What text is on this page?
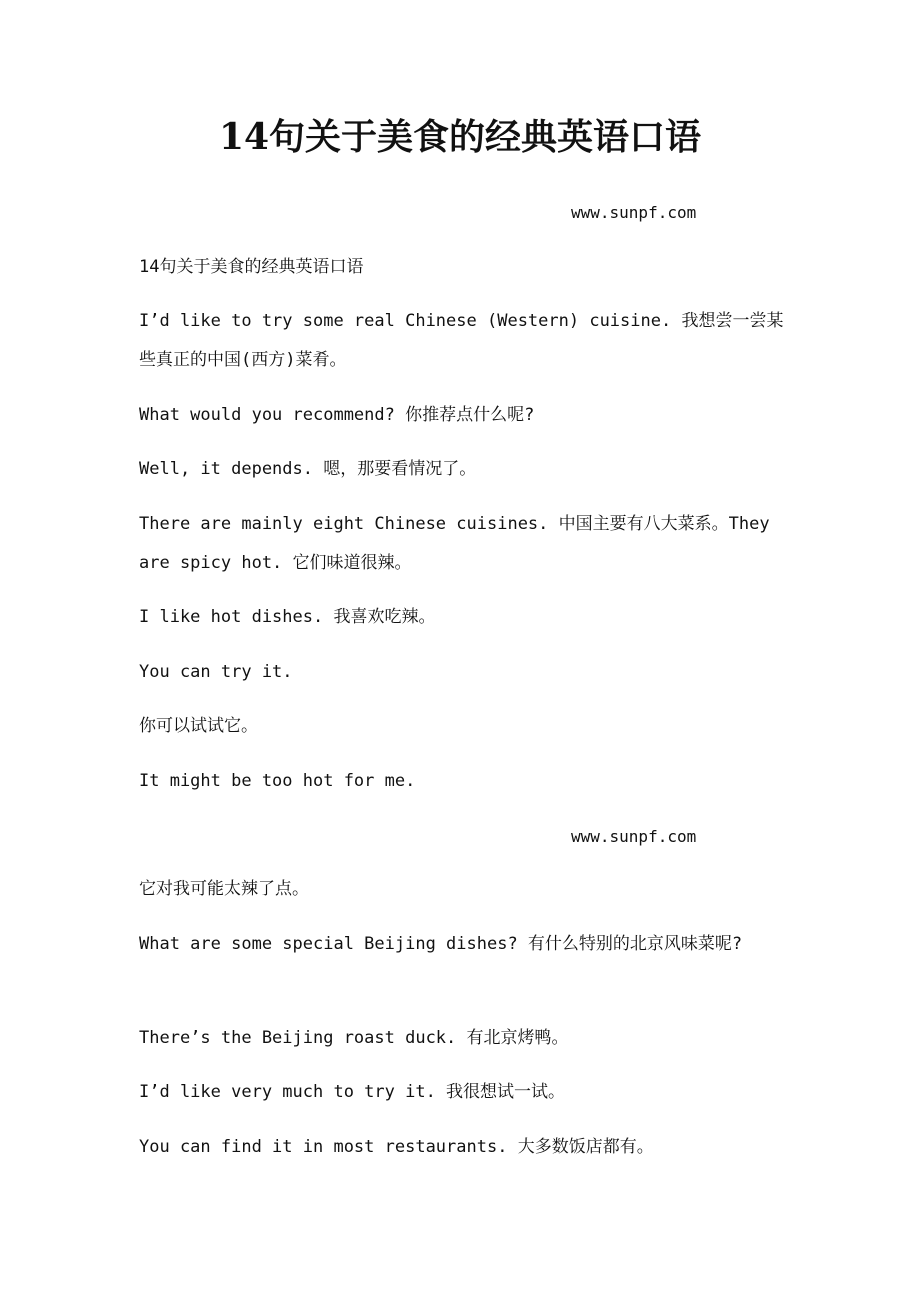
14句关于美食的经典英语口语
www.sunpf.com

14句关于美食的经典英语口语

I’d like to try some real Chinese (Western) cuisine. 我想尝一尝某些真正的中国(西方)菜肴。

What would you recommend? 你推荐点什么呢?

Well, it depends. 嗯，那要看情况了。

There are mainly eight Chinese cuisines. 中国主要有八大菜系。They are spicy hot. 它们味道很辣。

I like hot dishes. 我喜欢吃辣。

You can try it.

你可以试试它。

It might be too hot for me.

www.sunpf.com

它对我可能太辣了点。

What are some special Beijing dishes? 有什么特别的北京风味菜呢?

There’s the Beijing roast duck. 有北京烤鸭。

I’d like very much to try it. 我很想试一试。

You can find it in most restaurants. 大多数饭店都有。
